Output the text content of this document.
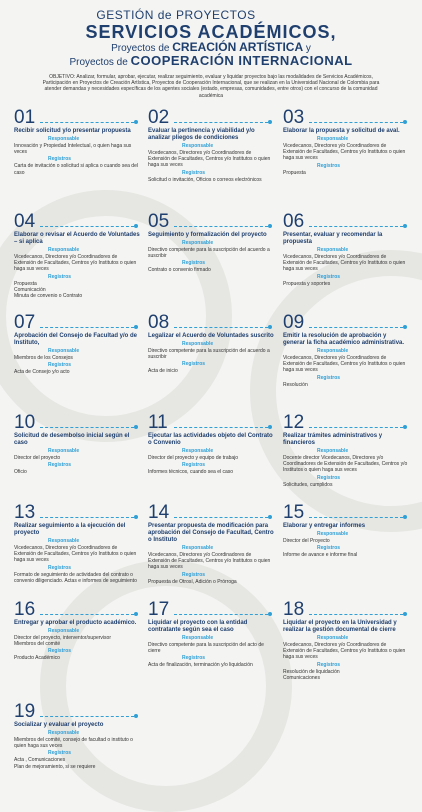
GESTIÓN de PROYECTOS
SERVICIOS ACADÉMICOS,
Proyectos de CREACIÓN ARTÍSTICA y
Proyectos de COOPERACIÓN INTERNACIONAL
OBJETIVO: Analizar, formular, aprobar, ejecutar, realizar seguimiento, evaluar y liquidar proyectos bajo las modalidades de Servicios Académicos, Participación en Proyectos de Creación Artística, Proyectos de Cooperación Internacional, que se realizan en la Universidad Nacional de Colombia para atender demandas y necesidades específicas de los agentes sociales (estado, empresas, comunidades, entre otros) con el concurso de la comunidad académica
01
Recibir solicitud y/o presentar propuesta
Responsable
Innovación y Propiedad Intelectual, o quien haga sus veces
Registros
Carta de invitación o solicitud si aplica o cuando sea del caso
02
Evaluar la pertinencia y viabilidad y/o analizar pliegos de condiciones
Responsable
Vicedecanos, Directores y/o Coordinadores de Extensión de Facultades, Centros y/o Institutos o quien haga sus veces
Registros
Solicitud o invitación, Oficios o correos electrónicos
03
Elaborar la propuesta y solicitud de aval.
Responsable
Vicedecanos, Directores y/o Coordinadores de Extensión de Facultades, Centros y/o Institutos o quien haga sus veces
Registros
Propuesta
04
Elaborar o revisar el Acuerdo de Voluntades – si aplica
Responsable
Vicedecanos, Directores y/o Coordinadores de Extensión de Facultades, Centros y/o Institutos o quien haga sus veces
Registros
Propuesta
Comunicación
Minuta de convenio o Contrato
05
Seguimiento y formalización del proyecto
Responsable
Directivo competente para la suscripción del acuerdo a suscribir
Registros
Contrato o convenio firmado
06
Presentar, evaluar y recomendar la propuesta
Responsable
Vicedecanos, Directores y/o Coordinadores de Extensión de Facultades, Centros y/o Institutos o quien haga sus veces
Registros
Propuesta y soportes
07
Aprobación del Consejo de Facultad y/o de Instituto,
Responsable
Miembros de los Consejos
Registros
Acta de Consejo y/o acto
08
Legalizar el Acuerdo de Voluntades suscrito
Responsable
Directivo competente para la suscripción del acuerdo a suscribir
Registros
Acta de inicio
09
Emitir la resolución de aprobación y generar la ficha académico administrativa.
Responsable
Vicedecanos, Directores y/o Coordinadores de Extensión de Facultades, Centros y/o Institutos o quien haga sus veces
Registros
Resolución
10
Solicitud de desembolso inicial según el caso
Responsable
Director del proyecto
Registros
Oficio
11
Ejecutar las actividades objeto del Contrato o Convenio
Responsable
Director del proyecto y equipo de trabajo
Registros
Informes técnicos, cuando sea el caso
12
Realizar trámites administrativos y financieros
Responsable
Docente director Vicedecanos, Directores y/o Coordinadores de Extensión de Facultades, Centros y/o Institutos o quien haga sus veces
Registros
Solicitudes, cumplidos
13
Realizar seguimiento a la ejecución del proyecto
Responsable
Vicedecanos, Directores y/o Coordinadores de Extensión de Facultades, Centros y/o Institutos o quien haga sus veces
Registros
Formato de seguimiento de actividades del contrato o convenio diligenciado. Actas e informes de seguimiento
14
Presentar propuesta de modificación para aprobación del Consejo de Facultad, Centro o Instituto
Responsable
Vicedecanos, Directores y/o Coordinadores de Extensión de Facultades, Centros y/o Institutos o quien haga sus veces
Registros
Propuesta de Otrosí, Adición o Prórroga
15
Elaborar y entregar informes
Responsable
Director del Proyecto
Registros
Informe de avance e informe final
16
Entregar y aprobar el producto académico.
Responsable
Director del proyecto, interventor/supervisor
Miembros del comité
Registros
Producto Académico
17
Liquidar el proyecto con la entidad contratante según sea el caso
Responsable
Directivo competente para la suscripción del acto de cierre
Registros
Acta de finalización, terminación y/o liquidación
18
Liquidar el proyecto en la Universidad y realizar la gestión documental de cierre
Responsable
Vicedecanos, Directores y/o Coordinadores de Extensión de Facultades, Centros y/o Institutos o quien haga sus veces
Registros
Resolución de liquidación
Comunicaciones
19
Socializar y evaluar el proyecto
Responsable
Miembros del comité, consejo de facultad o instituto o quien haga sus veces
Registros
Acta , Comunicaciones
Plan de mejoramiento, si se requiere
